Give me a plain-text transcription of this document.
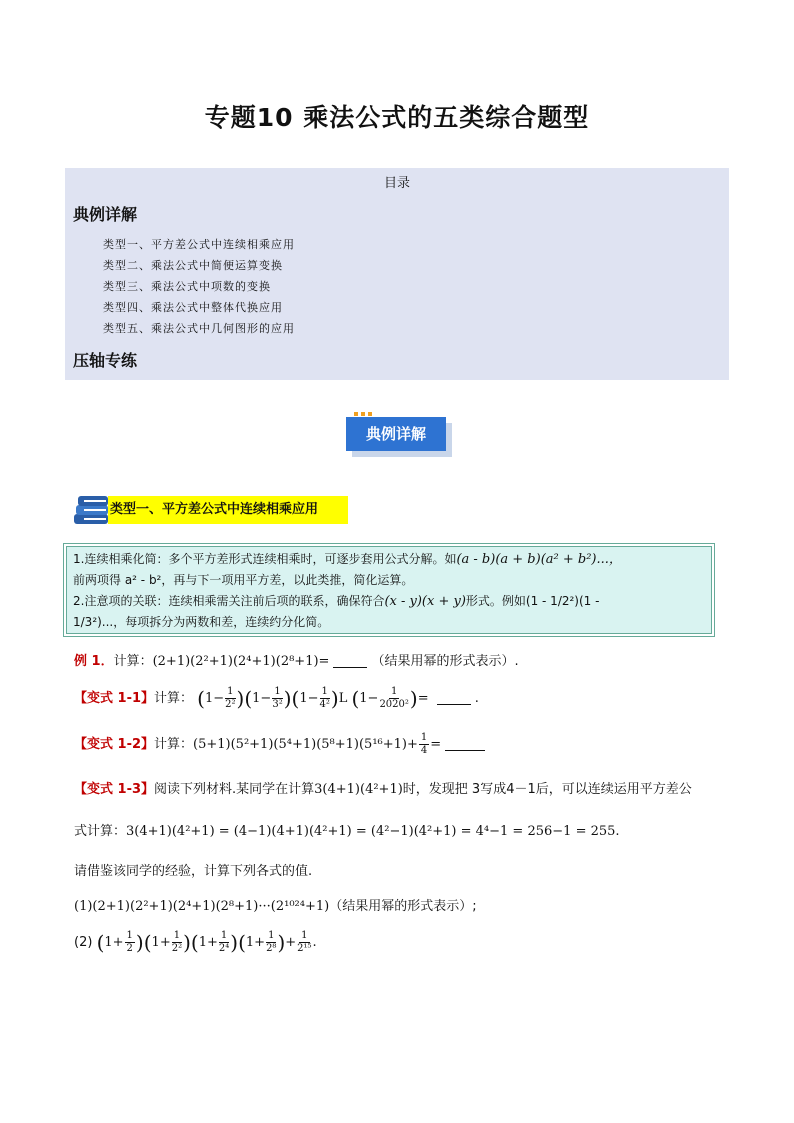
专题10 乘法公式的五类综合题型
目录
典例详解
类型一、平方差公式中连续相乘应用
类型二、乘法公式中简便运算变换
类型三、乘法公式中项数的变换
类型四、乘法公式中整体代换应用
类型五、乘法公式中几何图形的应用
压轴专练
典例详解
类型一、平方差公式中连续相乘应用
1.连续相乘化简：多个平方差形式连续相乘时，可逐步套用公式分解。如(a - b)(a + b)(a² + b²)...，
前两项得 a² - b²，再与下一项用平方差，以此类推，简化运算。
2.注意项的关联：连续相乘需关注前后项的联系，确保符合(x - y)(x + y)形式。例如(1 - 1/2²)(1 -
1/3²)...，每项拆分为两数和差，连续约分化简。
例 1．计算：(2+1)(2²+1)(2⁴+1)(2⁸+1)=	（结果用幂的形式表示）.
【变式 1-1】计算： $(1- \frac{1}{\text{2²}} )(1- \frac{1}{\text{3²}} )(1- \frac{1}{\text{4²}} )L$ ($1- \frac{1}{\text{2020²}}$ )=	.
【变式 1-2】计算：$(5+1)(5^2+1)(5^4+1)(5^8+1)(5^{16}+1)+ \frac{1}{4}$ =
【变式 1-3】阅读下列材料.某同学在计算3(4+1)(4²+1)时，发现把 3写成4－1后，可以连续运用平方差公
式计算：3(4+1)(4²+1) = (4−1)(4+1)(4²+1) = (4²−1)(4²+1) = 4⁴−1 = 256−1 = 255.
请借鉴该同学的经验，计算下列各式的值.
(1)(2+1)(2²+1)(2⁴+1)(2⁸+1)···(2¹⁰²⁴+1)（结果用幂的形式表示）;
(2) $(1+ \frac{1}{2} )(1+ \frac{1}{\text{2²}} )(1+ \frac{1}{\text{2⁴}} )(1+ \frac{1}{\text{2⁸}}$ )+ $\frac{1}{\text{2¹⁵}}$ .
